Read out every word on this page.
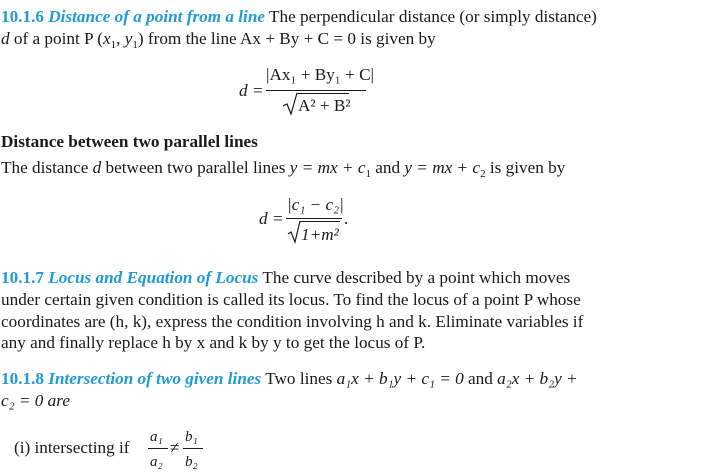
10.1.6 Distance of a point from a line The perpendicular distance (or simply distance)
d of a point P ($x_1$, $y_1$) from the line Ax + By + C = 0 is given by
d =
|Ax₁ + By₁ + C|
A² + B²
Distance between two parallel lines
The distance d between two parallel lines y = mx + $c_1$ and y = mx + $c_2$ is given by
d =
|c₁ − c₂|
1+m²
.
10.1.7 Locus and Equation of Locus The curve described by a point which moves
under certain given condition is called its locus. To find the locus of a point P whose
coordinates are (h, k), express the condition involving h and k. Eliminate variables if
any and finally replace h by x and k by y to get the locus of P.
10.1.8 Intersection of two given lines Two lines a₁x + b₁y + c₁ = 0 and a₂x + b₂y +
c₂ = 0 are
(i) intersecting if
a₁
a₂
≠
b₁
b₂
